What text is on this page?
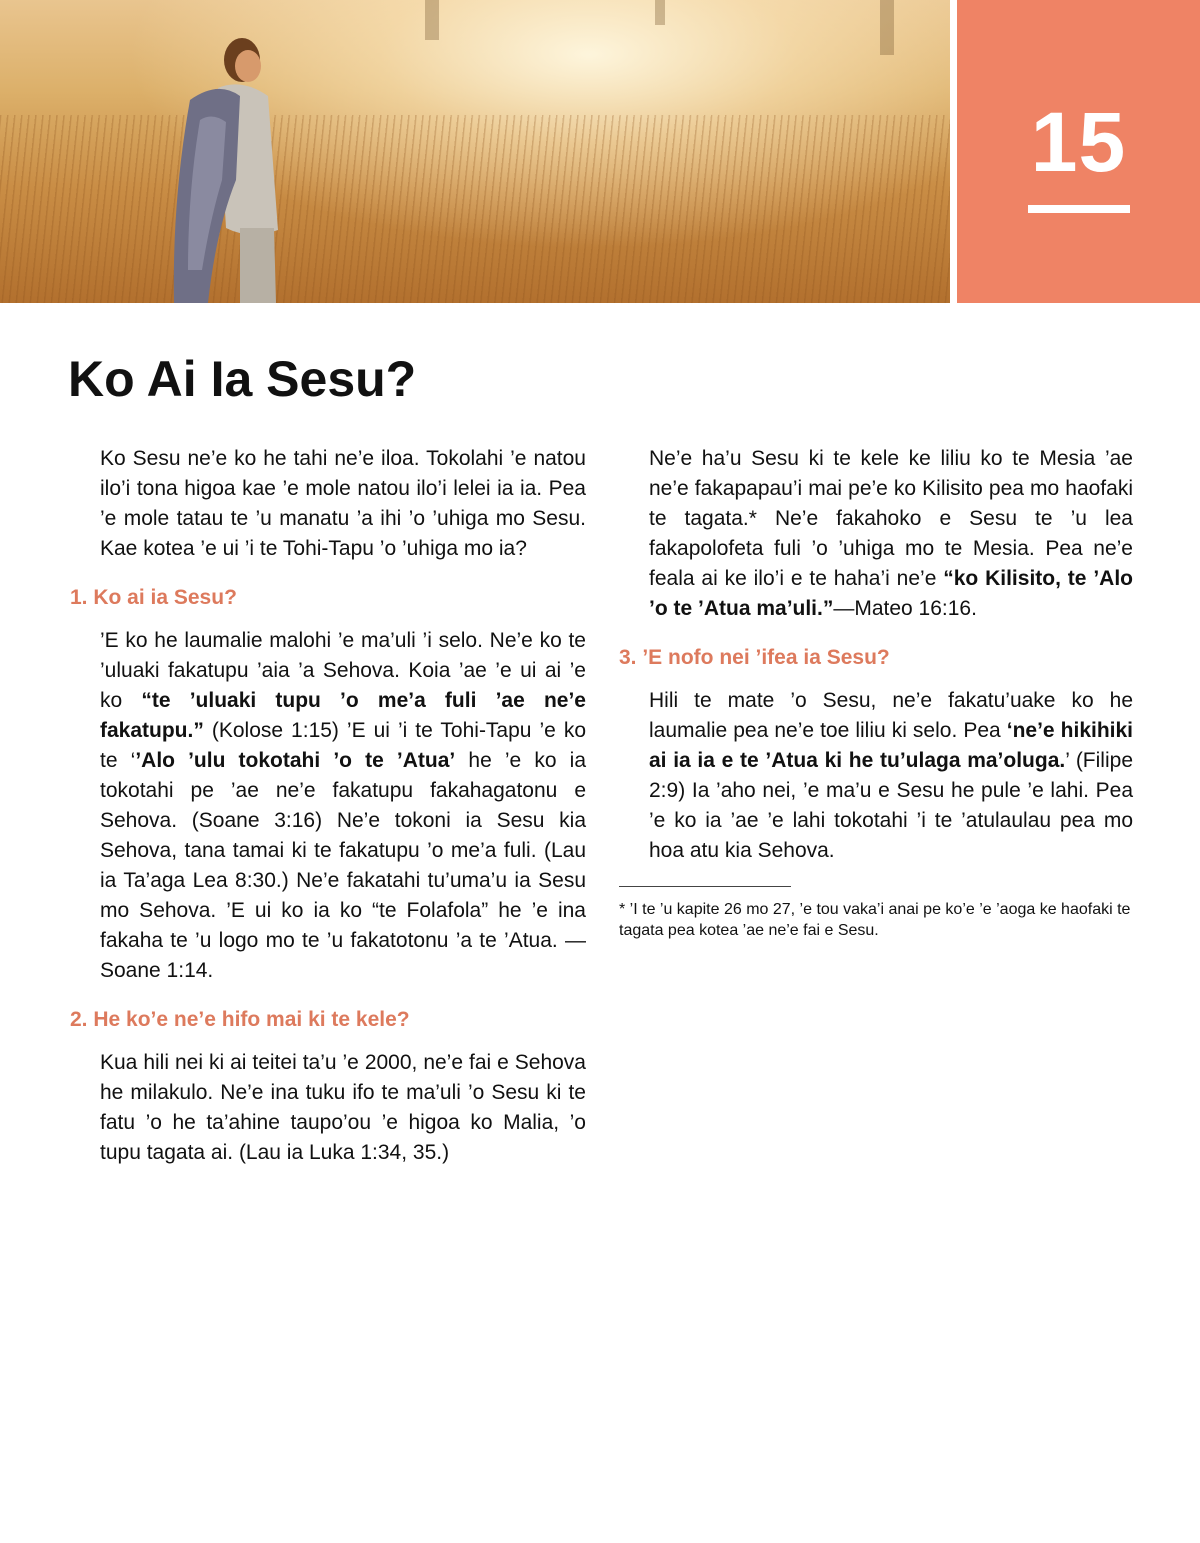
15
Ko Ai Ia Sesu?

Ko Sesu ne’e ko he tahi ne’e iloa. Tokolahi ’e natou ilo’i tona higoa kae ’e mole natou ilo’i lelei ia ia. Pea ’e mole tatau te ’u manatu ’a ihi ’o ’uhiga mo Sesu. Kae kotea ’e ui ’i te Tohi-Tapu ’o ’uhiga mo ia?

1. Ko ai ia Sesu?

’E ko he laumalie malohi ’e ma’uli ’i selo. Ne’e ko te ’uluaki fakatupu ’aia ’a Sehova. Koia ’ae ’e ui ai ’e ko “te ’uluaki tupu ’o me’a fuli ’ae ne’e fakatupu.” (Kolose 1:15) ’E ui ’i te Tohi-Tapu ’e ko te ‘’Alo ’ulu tokotahi ’o te ’Atua’ he ’e ko ia tokotahi pe ’ae ne’e fakatupu fakahagatonu e Sehova. (Soane 3:16) Ne’e tokoni ia Sesu kia Sehova, tana tamai ki te fakatupu ’o me’a fuli. (Lau ia Ta’aga Lea 8:30.) Ne’e fakatahi tu’uma’u ia Sesu mo Sehova. ’E ui ko ia ko “te Folafola” he ’e ina fakaha te ’u logo mo te ’u fakatotonu ’a te ’Atua. —Soane 1:14.

2. He ko’e ne’e hifo mai ki te kele?

Kua hili nei ki ai teitei ta’u ’e 2000, ne’e fai e Sehova he milakulo. Ne’e ina tuku ifo te ma’uli ’o Sesu ki te fatu ’o he ta’ahine taupo’ou ’e higoa ko Malia, ’o tupu tagata ai. (Lau ia Luka 1:34, 35.)

Ne’e ha’u Sesu ki te kele ke liliu ko te Mesia ’ae ne’e fakapapau’i mai pe’e ko Kilisito pea mo haofaki te tagata.* Ne’e fakahoko e Sesu te ’u lea fakapolofeta fuli ’o ’uhiga mo te Mesia. Pea ne’e feala ai ke ilo’i e te haha’i ne’e “ko Kilisito, te ’Alo ’o te ’Atua ma’uli.”—Mateo 16:16.

3. ’E nofo nei ’ifea ia Sesu?

Hili te mate ’o Sesu, ne’e fakatu’uake ko he laumalie pea ne’e toe liliu ki selo. Pea ‘ne’e hikihiki ai ia ia e te ’Atua ki he tu’ulaga ma’oluga.’ (Filipe 2:9) Ia ’aho nei, ’e ma’u e Sesu he pule ’e lahi. Pea ’e ko ia ’ae ’e lahi tokotahi ’i te ’atulaulau pea mo hoa atu kia Sehova.

* ’I te ’u kapite 26 mo 27, ’e tou vaka’i anai pe ko’e ’e ’aoga ke haofaki te tagata pea kotea ’ae ne’e fai e Sesu.
